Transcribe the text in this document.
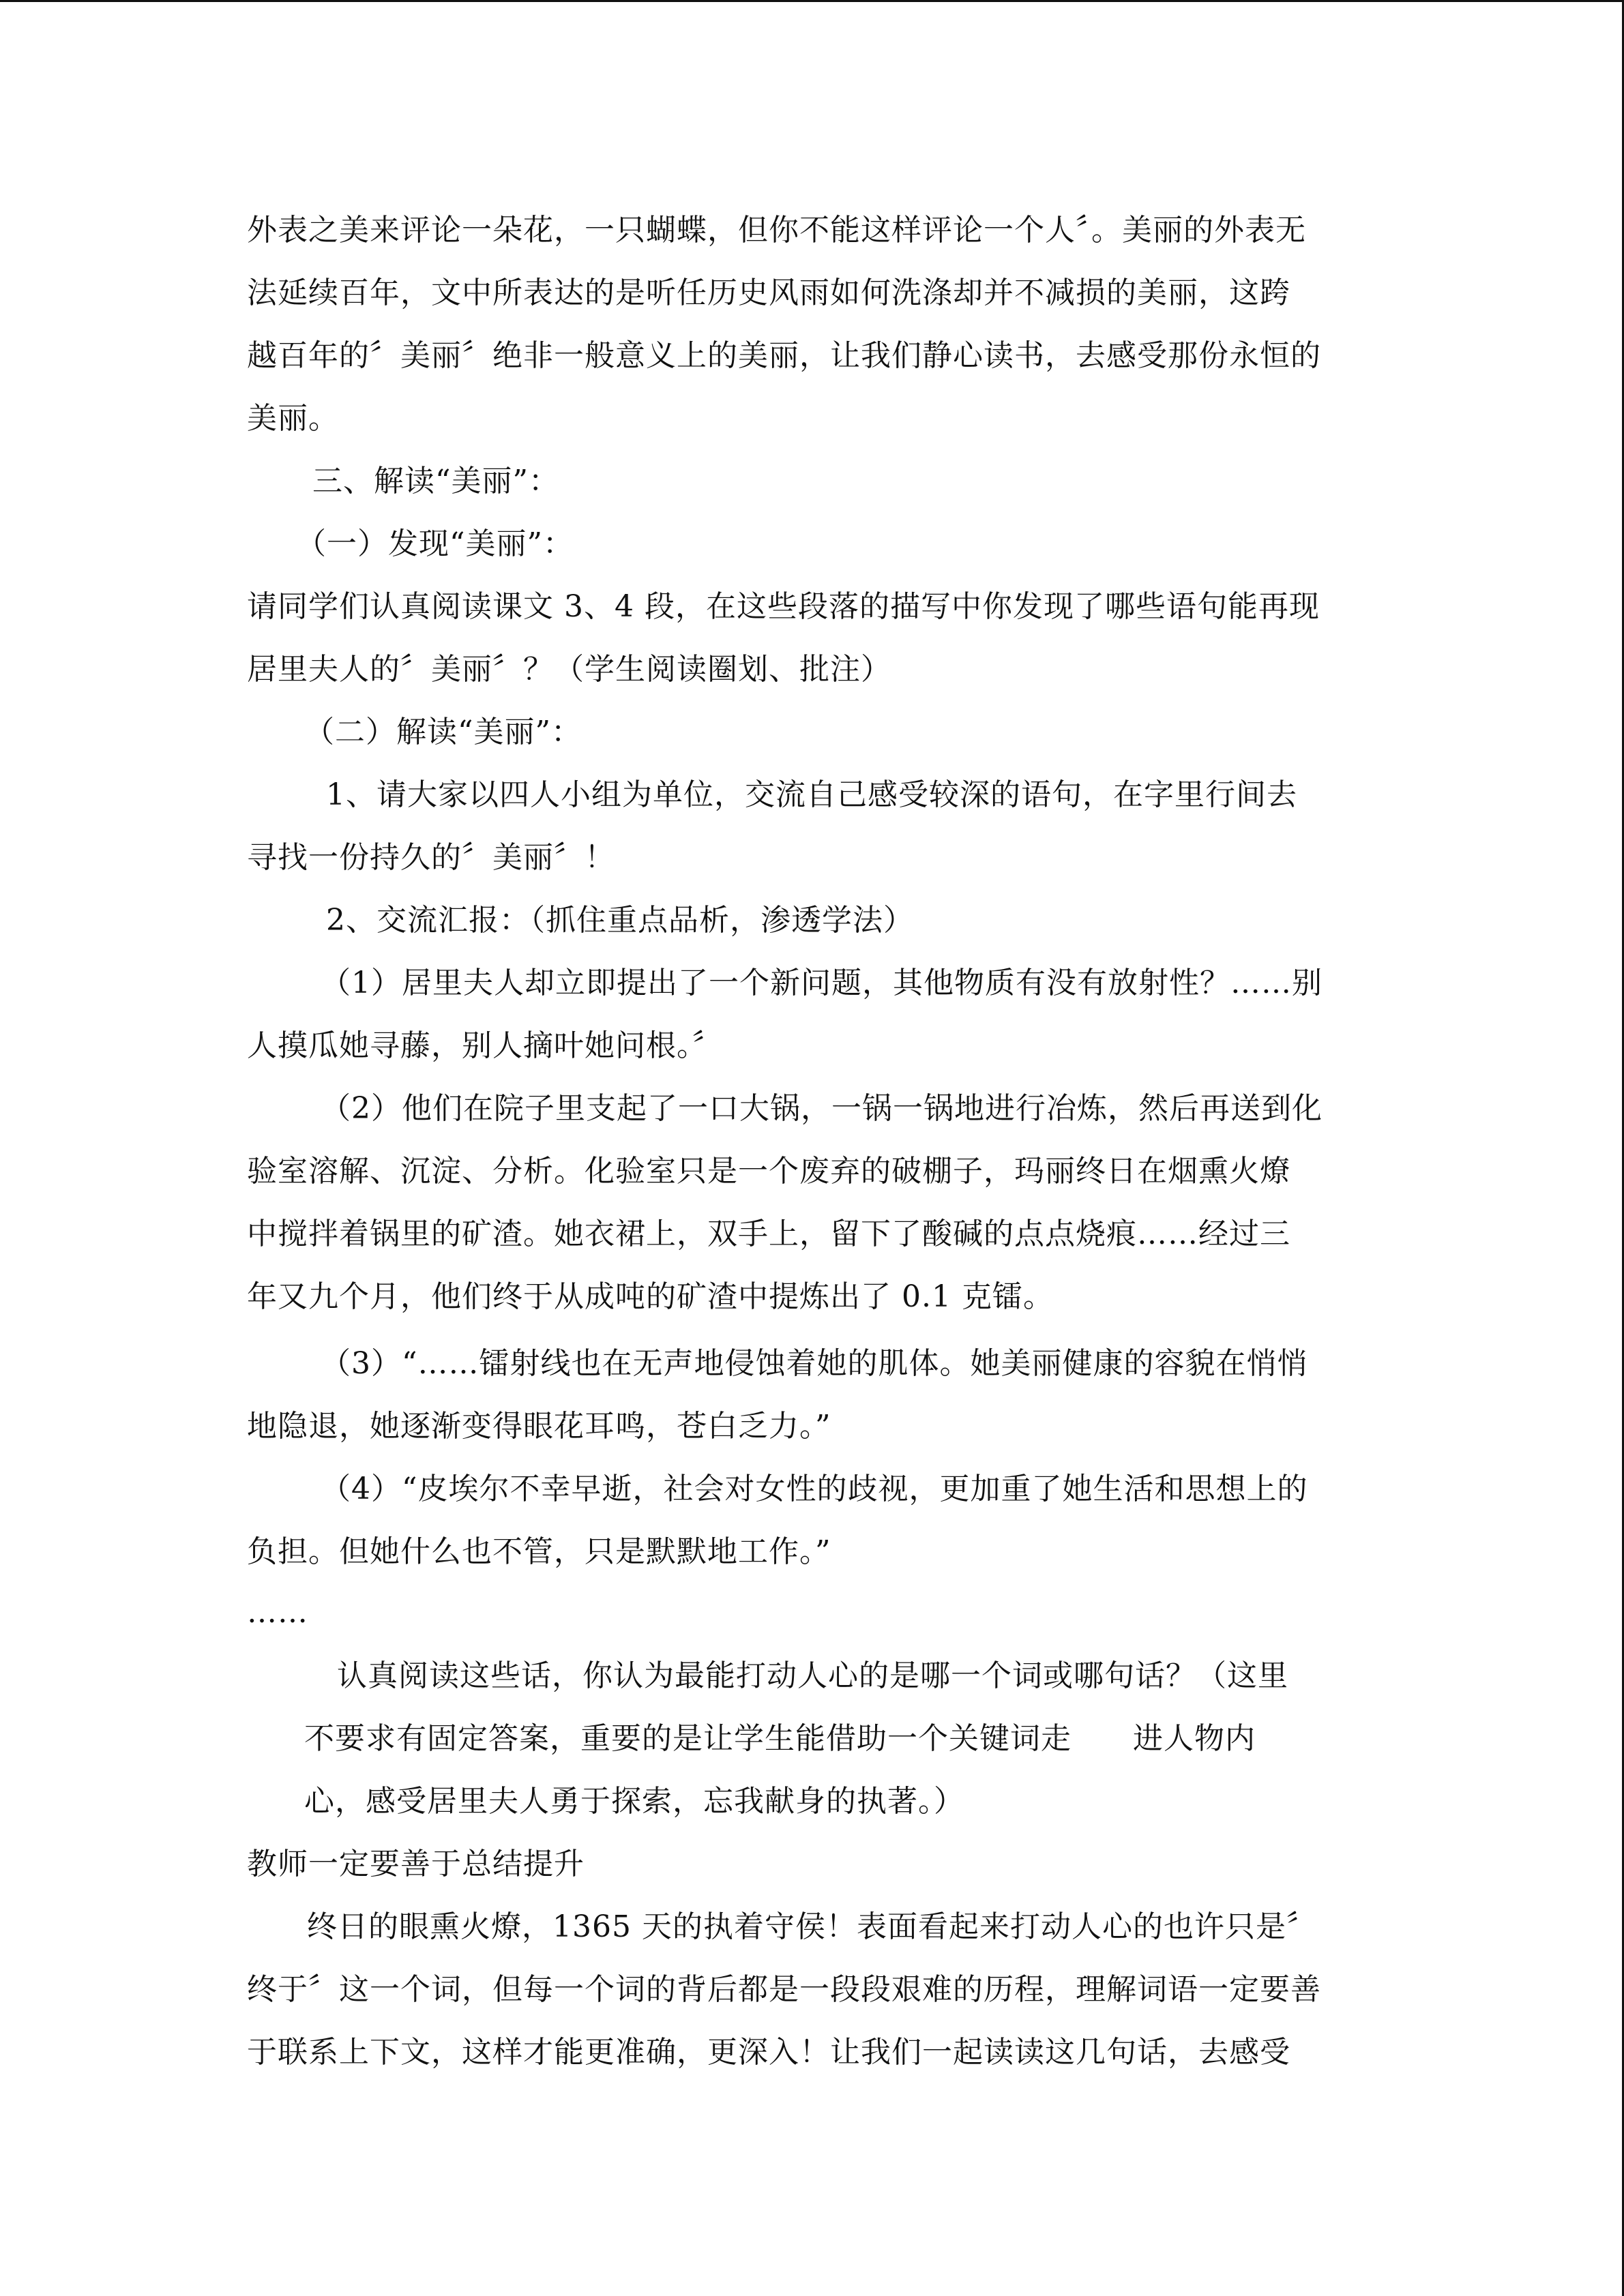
外表之美来评论一朵花，一只蝴蝶，但你不能这样评论一个人〞。美丽的外表无
法延续百年，文中所表达的是听任历史风雨如何洗涤却并不减损的美丽，这跨
越百年的〞美丽〞绝非一般意义上的美丽，让我们静心读书，去感受那份永恒的
美丽。
三、解读“美丽”：
（一）发现“美丽”：
请同学们认真阅读课文 3、4 段，在这些段落的描写中你发现了哪些语句能再现
居里夫人的〞美丽〞？（学生阅读圈划、批注）
（二）解读“美丽”：
1、请大家以四人小组为单位，交流自己感受较深的语句，在字里行间去
寻找一份持久的〞美丽〞！
2、交流汇报：（抓住重点品析，渗透学法）
（1）居里夫人却立即提出了一个新问题，其他物质有没有放射性？……别
人摸瓜她寻藤，别人摘叶她问根。〞
（2）他们在院子里支起了一口大锅，一锅一锅地进行冶炼，然后再送到化
验室溶解、沉淀、分析。化验室只是一个废弃的破棚子，玛丽终日在烟熏火燎
中搅拌着锅里的矿渣。她衣裙上，双手上，留下了酸碱的点点烧痕……经过三
年又九个月，他们终于从成吨的矿渣中提炼出了 0.1 克镭。
（3）“……镭射线也在无声地侵蚀着她的肌体。她美丽健康的容貌在悄悄
地隐退，她逐渐变得眼花耳鸣，苍白乏力。”
（4）“皮埃尔不幸早逝，社会对女性的歧视，更加重了她生活和思想上的
负担。但她什么也不管，只是默默地工作。”
……
认真阅读这些话，你认为最能打动人心的是哪一个词或哪句话？（这里
不要求有固定答案，重要的是让学生能借助一个关键词走　　进人物内
心，感受居里夫人勇于探索，忘我献身的执著。）
教师一定要善于总结提升
终日的眼熏火燎，1365 天的执着守侯！表面看起来打动人心的也许只是〞
终于〞这一个词，但每一个词的背后都是一段段艰难的历程，理解词语一定要善
于联系上下文，这样才能更准确，更深入！让我们一起读读这几句话，去感受
